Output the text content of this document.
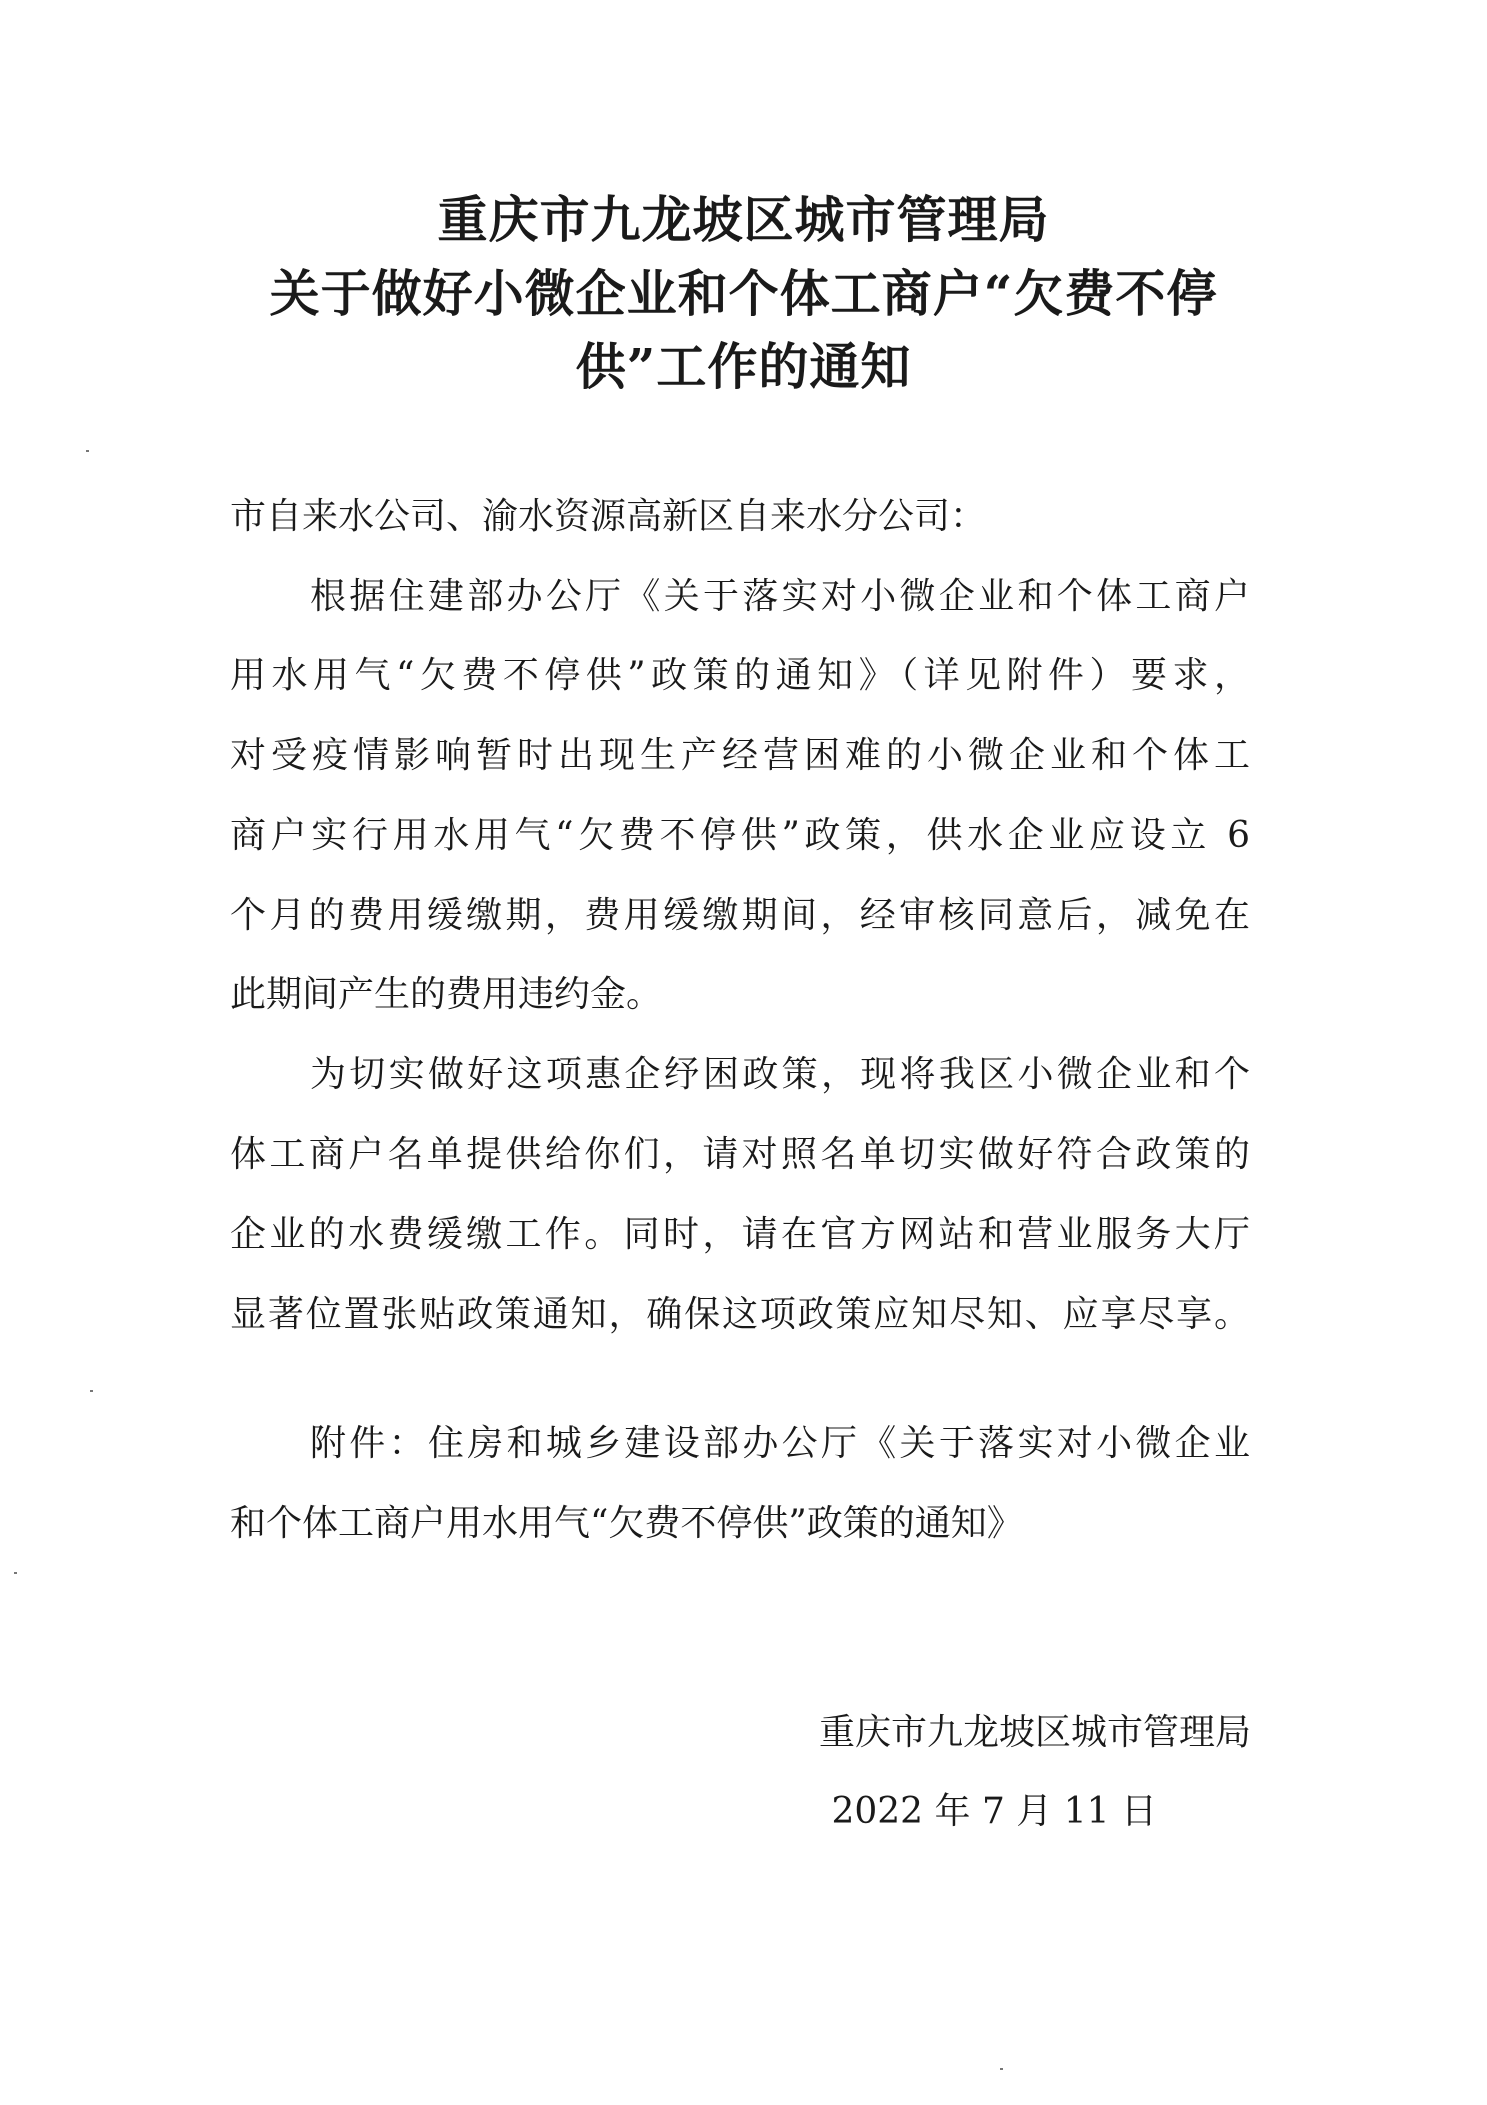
重庆市九龙坡区城市管理局
关于做好小微企业和个体工商户“欠费不停
供”工作的通知

市自来水公司、渝水资源高新区自来水分公司：

根据住建部办公厅《关于落实对小微企业和个体工商户

用水用气“欠费不停供”政策的通知》（详见附件）要求，

对受疫情影响暂时出现生产经营困难的小微企业和个体工

商户实行用水用气“欠费不停供”政策，供水企业应设立 6

个月的费用缓缴期，费用缓缴期间，经审核同意后，减免在

此期间产生的费用违约金。

为切实做好这项惠企纾困政策，现将我区小微企业和个

体工商户名单提供给你们，请对照名单切实做好符合政策的

企业的水费缓缴工作。同时，请在官方网站和营业服务大厅

显著位置张贴政策通知，确保这项政策应知尽知、应享尽享。

附件：住房和城乡建设部办公厅《关于落实对小微企业

和个体工商户用水用气“欠费不停供”政策的通知》

重庆市九龙坡区城市管理局

2022 年 7 月 11 日
